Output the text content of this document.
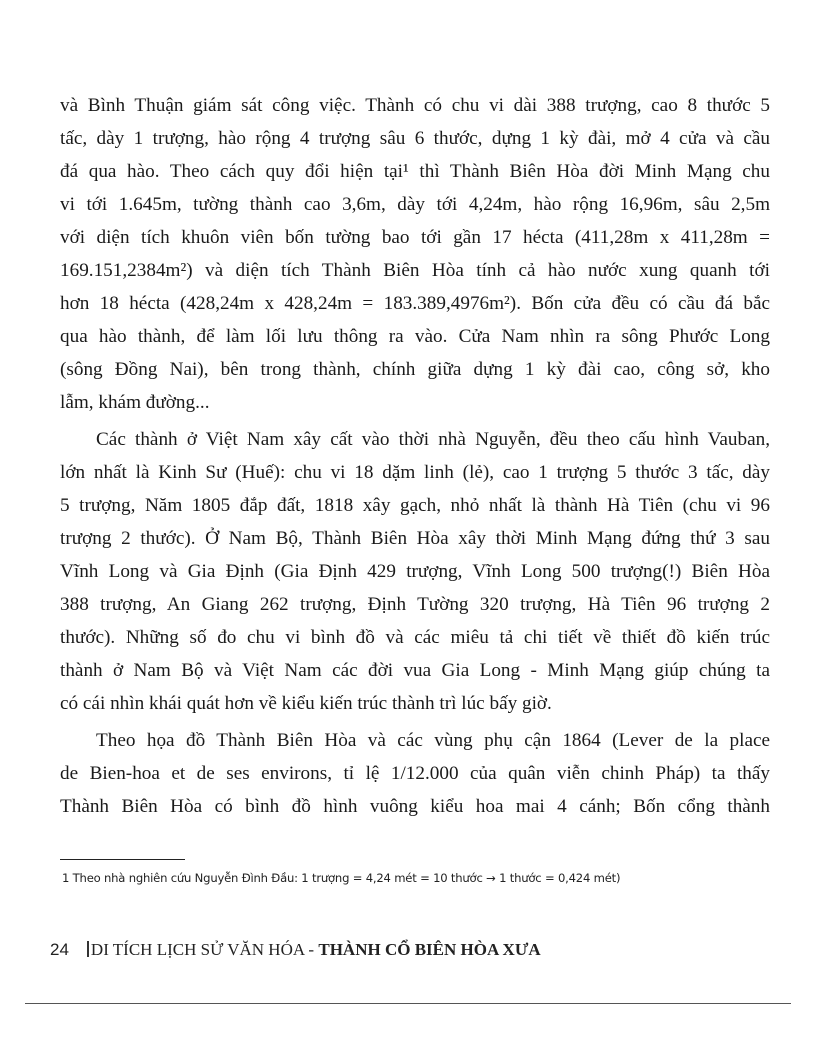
và Bình Thuận giám sát công việc. Thành có chu vi dài 388 trượng, cao 8 thước 5
tấc, dày 1 trượng, hào rộng 4 trượng sâu 6 thước, dựng 1 kỳ đài, mở 4 cửa và cầu
đá qua hào. Theo cách quy đổi hiện tại¹ thì Thành Biên Hòa đời Minh Mạng chu
vi tới 1.645m, tường thành cao 3,6m, dày tới 4,24m, hào rộng 16,96m, sâu 2,5m
với diện tích khuôn viên bốn tường bao tới gần 17 hécta (411,28m x 411,28m =
169.151,2384m²) và diện tích Thành Biên Hòa tính cả hào nước xung quanh tới
hơn 18 hécta (428,24m x 428,24m = 183.389,4976m²). Bốn cửa đều có cầu đá bắc
qua hào thành, để làm lối lưu thông ra vào. Cửa Nam nhìn ra sông Phước Long
(sông Đồng Nai), bên trong thành, chính giữa dựng 1 kỳ đài cao, công sở, kho
lẫm, khám đường...
Các thành ở Việt Nam xây cất vào thời nhà Nguyễn, đều theo cấu hình Vauban,
lớn nhất là Kinh Sư (Huế): chu vi 18 dặm linh (lẻ), cao 1 trượng 5 thước 3 tấc, dày
5 trượng, Năm 1805 đắp đất, 1818 xây gạch, nhỏ nhất là thành Hà Tiên (chu vi 96
trượng 2 thước). Ở Nam Bộ, Thành Biên Hòa xây thời Minh Mạng đứng thứ 3 sau
Vĩnh Long và Gia Định (Gia Định 429 trượng, Vĩnh Long 500 trượng(!) Biên Hòa
388 trượng, An Giang 262 trượng, Định Tường 320 trượng, Hà Tiên 96 trượng 2
thước). Những số đo chu vi bình đồ và các miêu tả chi tiết về thiết đồ kiến trúc
thành ở Nam Bộ và Việt Nam các đời vua Gia Long - Minh Mạng giúp chúng ta
có cái nhìn khái quát hơn về kiểu kiến trúc thành trì lúc bấy giờ.
Theo họa đồ Thành Biên Hòa và các vùng phụ cận 1864 (Lever de la place
de Bien-hoa et de ses environs, tỉ lệ 1/12.000 của quân viễn chinh Pháp) ta thấy
Thành Biên Hòa có bình đồ hình vuông kiểu hoa mai 4 cánh; Bốn cổng thành
1 Theo nhà nghiên cứu Nguyễn Đình Đầu: 1 trượng = 4,24 mét = 10 thước → 1 thước = 0,424 mét)
24 DI TÍCH LỊCH SỬ VĂN HÓA - THÀNH CỔ BIÊN HÒA XƯA
